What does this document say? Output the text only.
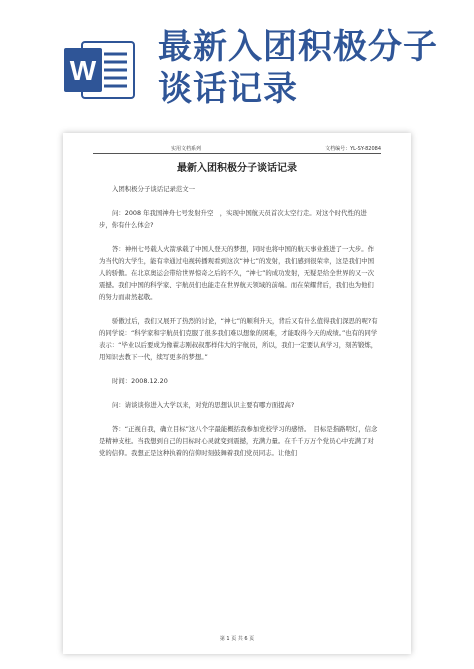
W
最新入团积极分子
谈话记录
实用文档系列	文档编号：YL-SY-82084
最新入团积极分子谈话记录

入团积极分子谈话记录范文一

问：2008 年我国神舟七号发射升空　，实现中国航天员首次太空行走。对这个时代性的进步，你有什么体会?

答：神州七号载人火箭承载了中国人登天的梦想，同时也将中国的航天事业推进了一大步。作为当代的大学生，能有幸通过电视转播观看到这次“神七”的发射，我们感到很荣幸，这是我们中国人的骄傲。在北京奥运会带给世界惊奇之后的不久，“神七”的成功发射，无疑是给全世界的又一次震撼。我们中国的科学家、宇航员们也能走在世界航天领域的前端。而在荣耀背后，我们也为他们的努力而肃然起敬。

骄傲过后，我们又展开了热烈的讨论，“神七”的顺利升天，背后又有什么值得我们深思的呢?有的同学说：“科学家和宇航员们克服了很多我们难以想象的困难，才能取得今天的成绩。”也有的同学表示：“毕业以后要成为像翟志刚叔叔那样伟大的宇航员，所以，我们一定要认真学习，刻苦锻炼，用知识去教下一代，续写更多的梦想。”

时间：2008.12.20

问：请谈谈你进入大学以来，对党的思想认识主要有哪方面提高?

答：“正视自我，确立目标”这八个字最能概括我参加党校学习的感悟。　目标是指路明灯，信念是精神支柱。当我想到自己的目标时心灵就变到震撼，充满力量。在千千万万个党员心中充满了对党的信仰。我想正是这种执着的信仰时刻鼓舞着我们党员同志。让他们

第 1 页 共 6 页
